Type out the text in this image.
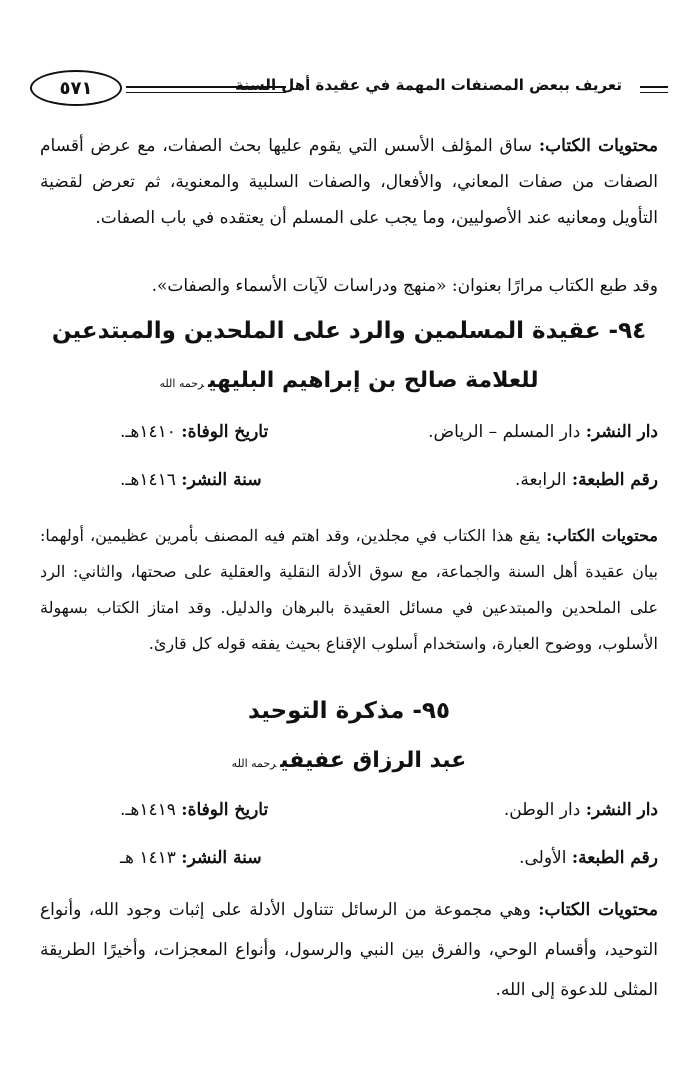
تعريف ببعض المصنفات المهمة في عقيدة أهل السنة
٥٧١
محتويات الكتاب: ساق المؤلف الأسس التي يقوم عليها بحث الصفات، مع عرض أقسام الصفات من صفات المعاني، والأفعال، والصفات السلبية والمعنوية، ثم تعرض لقضية التأويل ومعانيه عند الأصوليين، وما يجب على المسلم أن يعتقده في باب الصفات.
وقد طبع الكتاب مرارًا بعنوان: «منهج ودراسات لآيات الأسماء والصفات».
٩٤- عقيدة المسلمين والرد على الملحدين والمبتدعين
للعلامة صالح بن إبراهيم البليهيرحمه الله
دار النشر: دار المسلم – الرياض.
تاريخ الوفاة: ١٤١٠هـ.
رقم الطبعة: الرابعة.
سنة النشر: ١٤١٦هـ.
محتويات الكتاب: يقع هذا الكتاب في مجلدين، وقد اهتم فيه المصنف بأمرين عظيمين، أولهما: بيان عقيدة أهل السنة والجماعة، مع سوق الأدلة النقلية والعقلية على صحتها، والثاني: الرد على الملحدين والمبتدعين في مسائل العقيدة بالبرهان والدليل. وقد امتاز الكتاب بسهولة الأسلوب، ووضوح العبارة، واستخدام أسلوب الإقناع بحيث يفقه قوله كل قارئ.
٩٥- مذكرة التوحيد
عبد الرزاق عفيفيرحمه الله
دار النشر: دار الوطن.
تاريخ الوفاة: ١٤١٩هـ.
رقم الطبعة: الأولى.
سنة النشر: ١٤١٣ هـ
محتويات الكتاب: وهي مجموعة من الرسائل تتناول الأدلة على إثبات وجود الله، وأنواع التوحيد، وأقسام الوحي، والفرق بين النبي والرسول، وأنواع المعجزات، وأخيرًا الطريقة المثلى للدعوة إلى الله.
